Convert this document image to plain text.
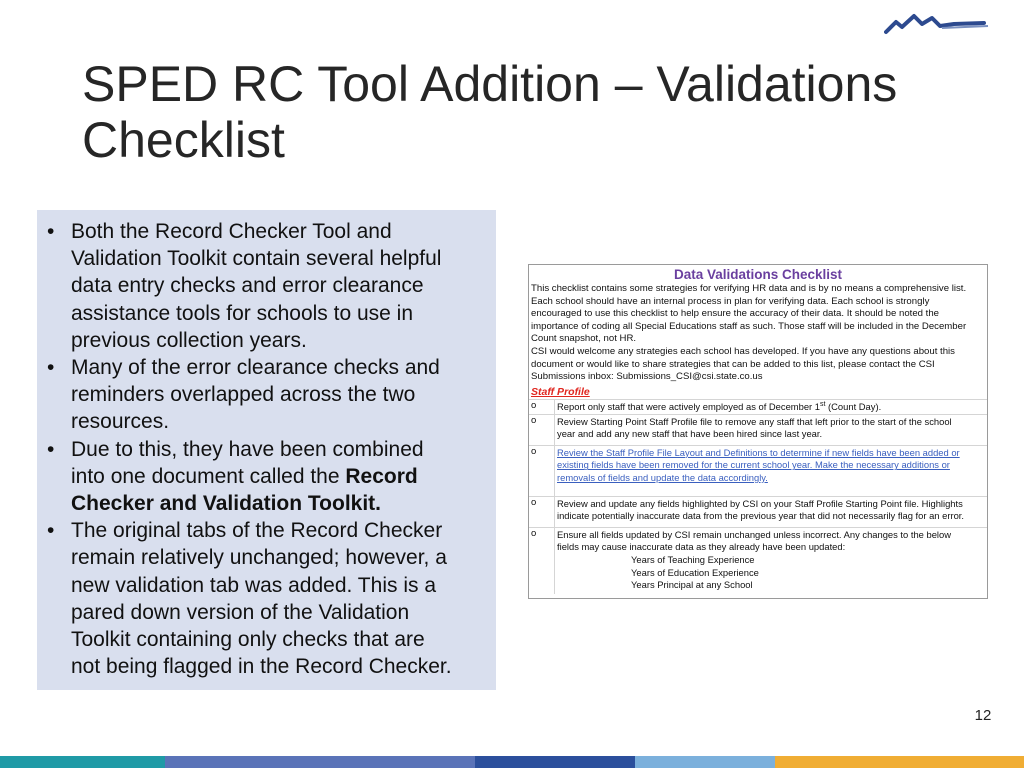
SPED RC Tool Addition – Validations
Checklist
• Both the Record Checker Tool and
Validation Toolkit contain several helpful
data entry checks and error clearance
assistance tools for schools to use in
previous collection years.
• Many of the error clearance checks and
reminders overlapped across the two
resources.
• Due to this, they have been combined
into one document called the Record
Checker and Validation Toolkit.
• The original tabs of the Record Checker
remain relatively unchanged; however, a
new validation tab was added. This is a
pared down version of the Validation
Toolkit containing only checks that are
not being flagged in the Record Checker.
Data Validations Checklist
This checklist contains some strategies for verifying HR data and is by no means a comprehensive list.
Each school should have an internal process in plan for verifying data. Each school is strongly
encouraged to use this checklist to help ensure the accuracy of their data. It should be noted the
importance of coding all Special Educations staff as such. Those staff will be included in the December
Count snapshot, not HR.
CSI would welcome any strategies each school has developed. If you have any questions about this
document or would like to share strategies that can be added to this list, please contact the CSI
Submissions inbox: Submissions_CSI@csi.state.co.us
Staff Profile
o	Report only staff that were actively employed as of December 1st (Count Day).
o	Review Starting Point Staff Profile file to remove any staff that left prior to the start of the school
year and add any new staff that have been hired since last year.
o	Review the Staff Profile File Layout and Definitions to determine if new fields have been added or
existing fields have been removed for the current school year. Make the necessary additions or
removals of fields and update the data accordingly.
o	Review and update any fields highlighted by CSI on your Staff Profile Starting Point file. Highlights
indicate potentially inaccurate data from the previous year that did not necessarily flag for an error.
o	Ensure all fields updated by CSI remain unchanged unless incorrect. Any changes to the below
fields may cause inaccurate data as they already have been updated:
Years of Teaching Experience
Years of Education Experience
Years Principal at any School
12
